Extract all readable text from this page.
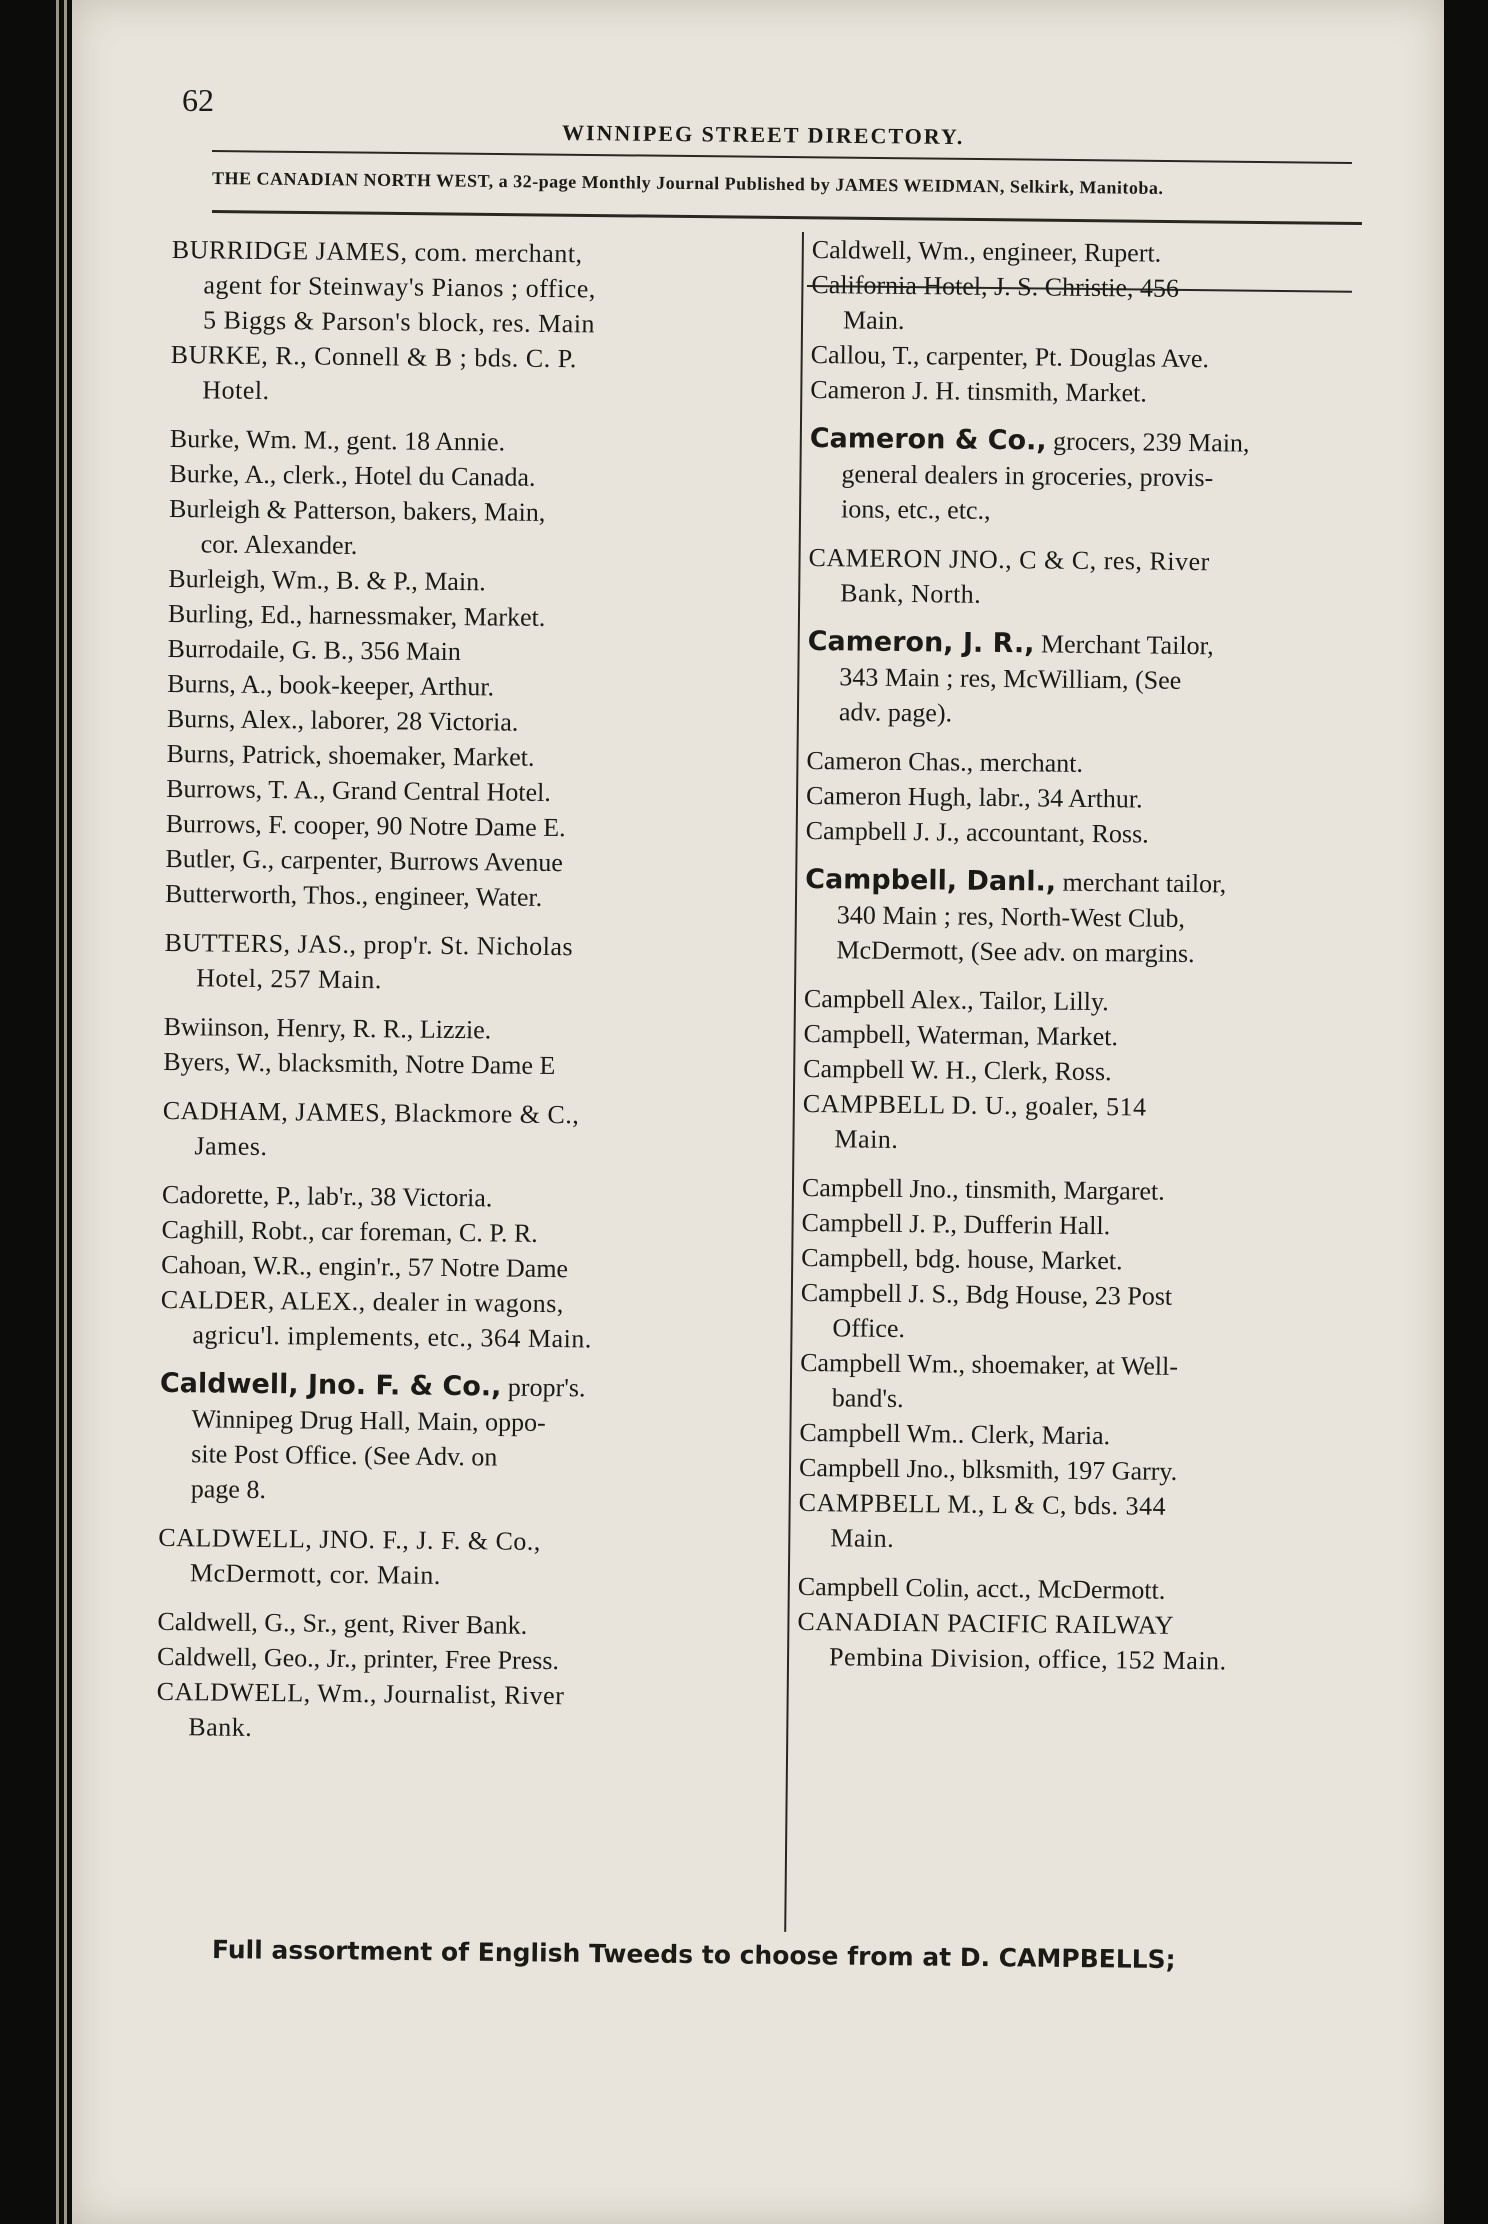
62
WINNIPEG STREET DIRECTORY.
THE CANADIAN NORTH WEST, a 32-page Monthly Journal Published by JAMES WEIDMAN, Selkirk, Manitoba.

BURRIDGE JAMES, com. merchant,
agent for Steinway's Pianos ; office,
5 Biggs & Parson's block, res. Main

BURKE, R., Connell & B ; bds. C. P.
Hotel.

Burke, Wm. M., gent. 18 Annie.

Burke, A., clerk., Hotel du Canada.

Burleigh & Patterson, bakers, Main,
cor. Alexander.

Burleigh, Wm., B. & P., Main.

Burling, Ed., harnessmaker, Market.

Burrodaile, G. B., 356 Main

Burns, A., book-keeper, Arthur.

Burns, Alex., laborer, 28 Victoria.

Burns, Patrick, shoemaker, Market.

Burrows, T. A., Grand Central Hotel.

Burrows, F. cooper, 90 Notre Dame E.

Butler, G., carpenter, Burrows Avenue

Butterworth, Thos., engineer, Water.

BUTTERS, JAS., prop'r. St. Nicholas
Hotel, 257 Main.

Bwiinson, Henry, R. R., Lizzie.

Byers, W., blacksmith, Notre Dame E

CADHAM, JAMES, Blackmore & C.,
James.

Cadorette, P., lab'r., 38 Victoria.

Caghill, Robt., car foreman, C. P. R.

Cahoan, W.R., engin'r., 57 Notre Dame

CALDER, ALEX., dealer in wagons,
agricu'l. implements, etc., 364 Main.

Caldwell, Jno. F. & Co., propr's.
Winnipeg Drug Hall, Main, oppo-
site Post Office. (See Adv. on
page 8.

CALDWELL, JNO. F., J. F. & Co.,
McDermott, cor. Main.

Caldwell, G., Sr., gent, River Bank.

Caldwell, Geo., Jr., printer, Free Press.

CALDWELL, Wm., Journalist, River
Bank.

Caldwell, Wm., engineer, Rupert.

California Hotel, J. S. Christie, 456
Main.

Callou, T., carpenter, Pt. Douglas Ave.

Cameron J. H. tinsmith, Market.

Cameron & Co., grocers, 239 Main,
general dealers in groceries, provis-
ions, etc., etc.,

CAMERON JNO., C & C, res, River
Bank, North.

Cameron, J. R., Merchant Tailor,
343 Main ; res, McWilliam, (See
adv. page).

Cameron Chas., merchant.

Cameron Hugh, labr., 34 Arthur.

Campbell J. J., accountant, Ross.

Campbell, Danl., merchant tailor,
340 Main ; res, North-West Club,
McDermott, (See adv. on margins.

Campbell Alex., Tailor, Lilly.

Campbell, Waterman, Market.

Campbell W. H., Clerk, Ross.

CAMPBELL D. U., goaler, 514
Main.

Campbell Jno., tinsmith, Margaret.

Campbell J. P., Dufferin Hall.

Campbell, bdg. house, Market.

Campbell J. S., Bdg House, 23 Post
Office.

Campbell Wm., shoemaker, at Well-
band's.

Campbell Wm.. Clerk, Maria.

Campbell Jno., blksmith, 197 Garry.

CAMPBELL M., L & C, bds. 344
Main.

Campbell Colin, acct., McDermott.

CANADIAN PACIFIC RAILWAY
Pembina Division, office, 152 Main.

Full assortment of English Tweeds to choose from at D. CAMPBELLS;
